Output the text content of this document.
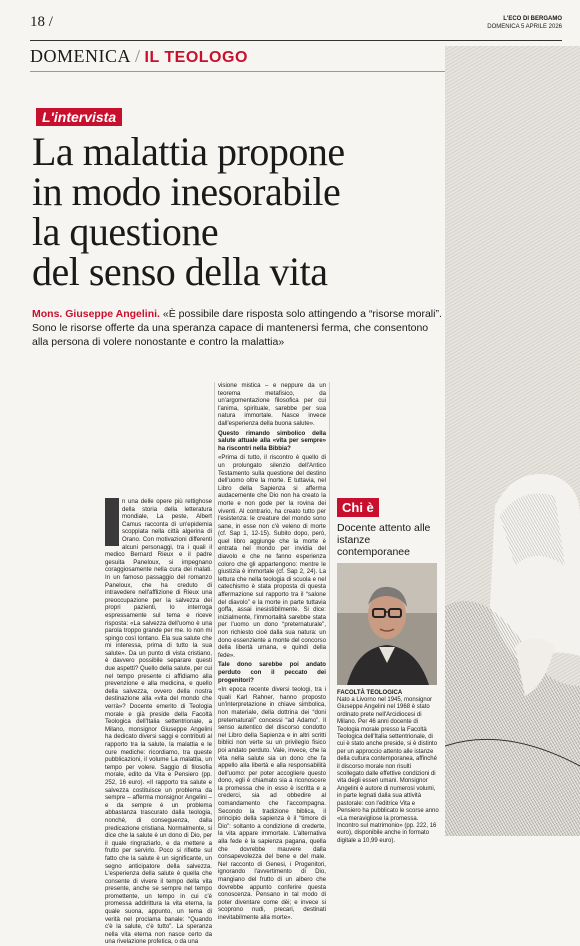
18 /	L'ECO DI BERGAMO
DOMENICA 5 APRILE 2026
DOMENICA / IL TEOLOGO
L'intervista
La malattia propone
in modo inesorabile
la questione
del senso della vita
Mons. Giuseppe Angelini. «È possibile dare risposta solo attingendo a “risorse morali”. Sono le risorse offerte da una speranza capace di mantenersi ferma, che consentono alla persona di volere nonostante e contro la malattia»
n una delle opere più rettighose della storia della letteratura mondiale, La peste, Albert Camus racconta di un'epidemia scoppiata nella città algerina di Orano. Con motivazioni differenti alcuni personaggi, tra i quali il medico Bernard Rieux e il padre gesuita Paneloux, si impegnano coraggiosamente nella cura dei malati. In un famoso passaggio del romanzo Paneloux, che ha creduto di intravedere nell'afflizione di Rieux una preoccupazione per la salvezza dei propri pazienti, lo interroga espressamente sul tema e riceve risposta: «La salvezza dell'uomo è una parola troppo grande per me. Io non mi spingo così lontano. Ela sua salute che mi interessa, prima di tutto la sua salute». Da un punto di vista cristiano, è davvero possibile separare questi due aspetti? Quello della salute, per cui nel tempo presente ci affidiamo alla prevenzione e alla medicina, e quello della salvezza, ovvero della nostra destinazione alla «vita del mondo che verrà»? Docente emerito di Teologia morale e già preside della Facoltà Teologica dell'Italia settentrionale, a Milano, monsignor Giuseppe Angelini ha dedicato diversi saggi e contributi al rapporto tra la salute, la malattia e le cure mediche: ricordiamo, tra queste pubblicazioni, il volume La malattia, un tempo per volere. Saggio di filosofia morale, edito da Vita e Pensiero (pp. 252, 16 euro). «Il rapporto tra salute e salvezza costituisce un problema da sempre – afferma monsignor Angelini – e da sempre è un problema abbastanza trascurato dalla teologia, nonché, di conseguenza, dalla predicazione cristiana. Normalmente, si dice che la salute è un dono di Dio, per il quale ringraziarlo, e da mettere a frutto per servirlo. Poco si riflette sul fatto che la salute è un significante, un segno anticipatore della salvezza. L'esperienza della salute è quella che consente di vivere il tempo della vita presente, anche se sempre nel tempo promettente, un tempo in cui c'è promessa addirittura la vita eterna, la quale suona, appunto, un tema di verità nel proclama banale: “Quando c'è la salute, c'è tutto”. La speranza nella vita eterna non nasce certo da una rivelazione profetica, o da una

visione mistica – e neppure da un teorema metafisico, da un'argomentazione filosofica per cui l'anima, spirituale, sarebbe per sua natura immortale. Nasce invece dall'esperienza della buona salute».

Questo rimando simbolico della salute attuale alla «vita per sempre» ha riscontri nella Bibbia?

«Prima di tutto, il riscontro è quello di un prolungato silenzio dell'Antico Testamento sulla questione del destino dell'uomo oltre la morte. E tuttavia, nel Libro della Sapienza si afferma audacemente che Dio non ha creato la morte e non gode per la rovina dei viventi. Al contrario, ha creato tutto per l'esistenza: le creature del mondo sono sane, in esse non c'è veleno di morte (cf. Sap 1, 12-15). Subito dopo, però, quel libro aggiunge che la morte è entrata nel mondo per invidia del diavolo e che ne fanno esperienza coloro che gli appartengono: mentre le giustizia è immortale (cf. Sap 2, 24). La lettura che nella teologia di scuola e nel catechismo è stata proposta di questa affermazione sul rapporto tra il “salone del diavolo” e la morte in parte tuttavia goffa, assai inesistibilmente. Si dice: inizialmente, l'immortalità sarebbe stata per l'uomo un dono “preternaturale”, non richiesto cioè dalla sua natura: un dono essenziente a monte del concorso della libertà umana, e quindi della fede».

Tale dono sarebbe poi andato perduto con il peccato dei progenitori?

«In epoca recente diversi teologi, tra i quali Karl Rahner, hanno proposto un'interpretazione in chiave simbolica, non materiale, della dottrina dei “doni preternaturali” concessi “ad Adamo”. Il senso autentico del discorso condotto nel Libro della Sapienza e in altri scritti biblici non verte su un privilegio fisico poi andato perduto. Vale, invece, che la vita nella salute sia un dono che fa appello alla libertà e alla responsabilità dell'uomo: per poter accogliere questo dono, egli è chiamato sia a riconoscere la promessa che in esso è iscritta e a crederci, sia ad obbedire al comandamento che l'accompagna. Secondo la tradizione biblica, il principio della sapienza è il “timore di Dio”: soltanto a condizione di crederte, la vita appare immortale. L'alternativa alla fede è la sapienza pagana, quella che dovrebbe mauvere dalla consapevolezza del bene e del male. Nel racconto di Genesi, i Progenitori, ignorando l'avvertimento di Dio, mangiano del frutto di un albero che dovrebbe appunto conferire questa conoscenza. Pensano in tal modo di poter diventare come dèi; e invece si scoprono nudi, precari, destinati inevitabilmente alla morte».

Chi è
Docente attento alle istanze contemporanee
FACOLTÀ TEOLOGICA
Nato a Livorno nel 1945, monsignor Giuseppe Angelini nel 1968 è stato ordinato prete nell'Arcidiocesi di Milano. Per 46 anni docente di Teologia morale presso la Facoltà Teologica dell'Italia settentrionale, di cui è stato anche preside, si è distinto per un approccio attento alle istanze della cultura contemporanea, affinché il discorso morale non risulti scollegato dalle effettive condizioni di vita degli esseri umani. Monsignor Angelini è autore di numerosi volumi, in parte legnati dalla sua attività pastorale: con l'editrice Vita e Pensiero ha pubblicato le scorse anno «La meravigliose la promessa. Incontro sul matrimonio» (pp. 222, 16 euro), disponibile anche in formato digitale a 10,99 euro).
